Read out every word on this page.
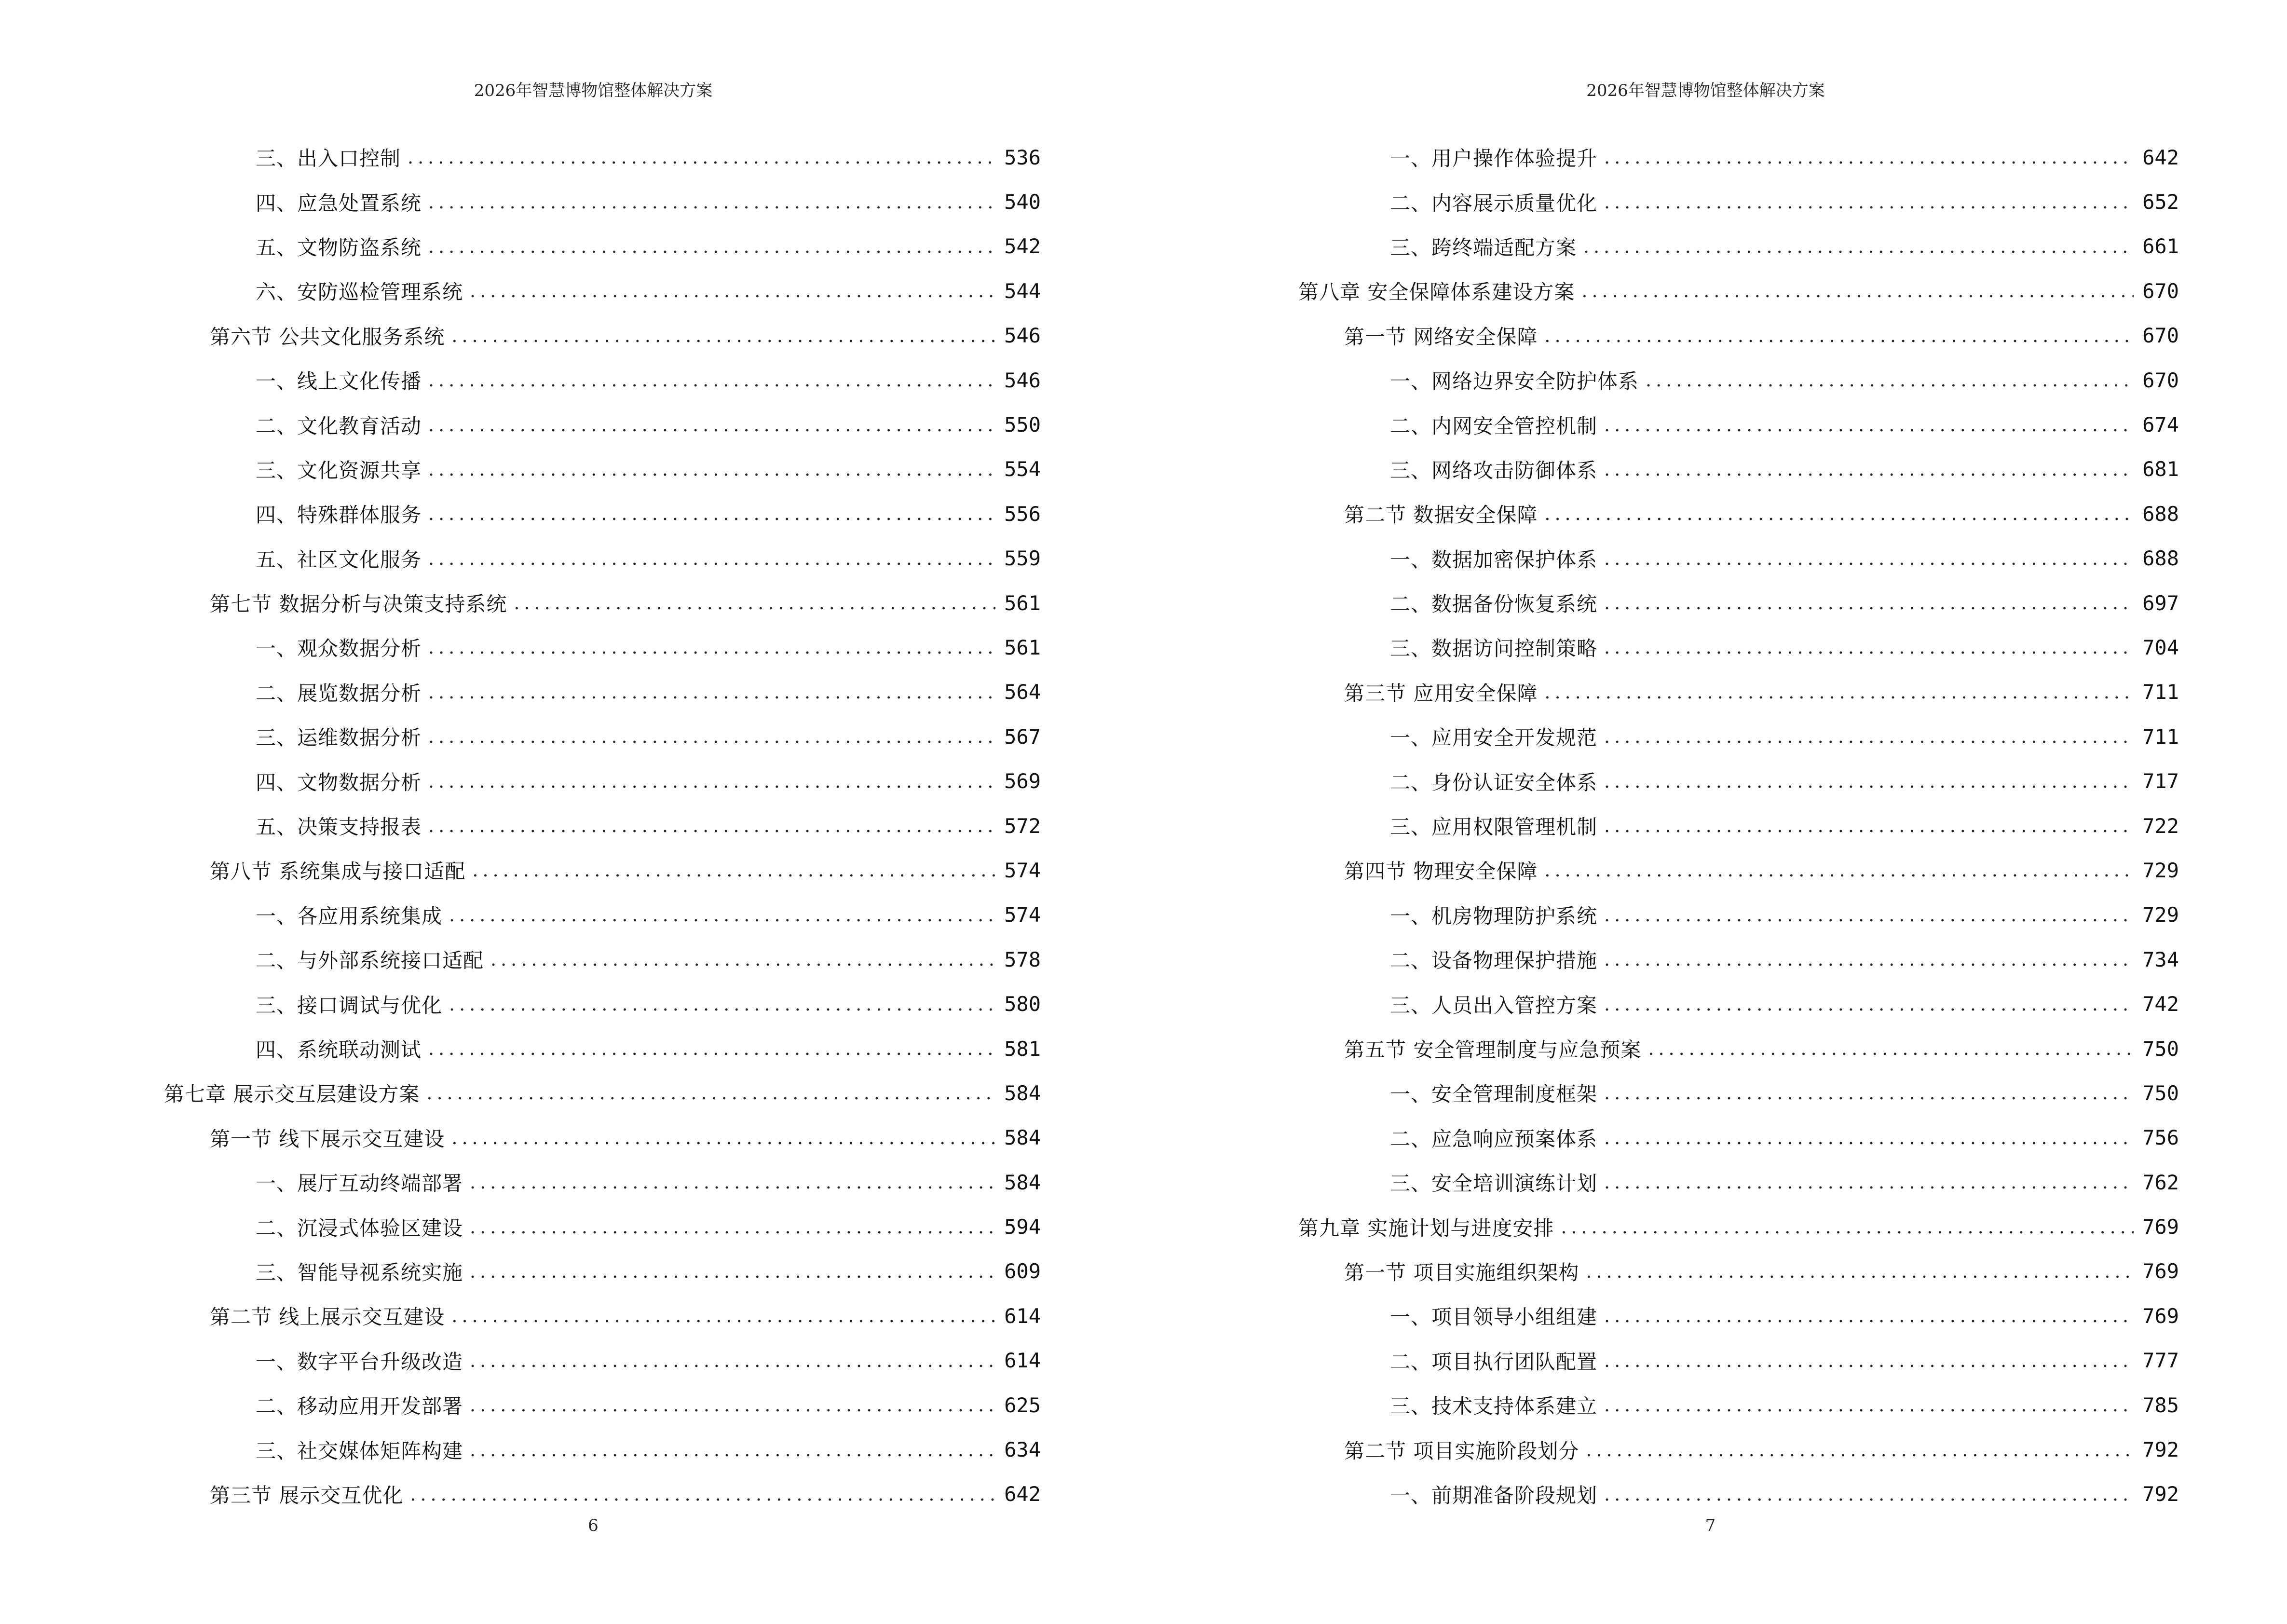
2026年智慧博物馆整体解决方案
三、出入口控制 .....	536
四、应急处置系统 .....	540
五、文物防盗系统 .....	542
六、安防巡检管理系统 .....	544
第六节 公共文化服务系统 .....	546
一、线上文化传播 .....	546
二、文化教育活动 .....	550
三、文化资源共享 .....	554
四、特殊群体服务 .....	556
五、社区文化服务 .....	559
第七节 数据分析与决策支持系统 .....	561
一、观众数据分析 .....	561
二、展览数据分析 .....	564
三、运维数据分析 .....	567
四、文物数据分析 .....	569
五、决策支持报表 .....	572
第八节 系统集成与接口适配 .....	574
一、各应用系统集成 .....	574
二、与外部系统接口适配 .....	578
三、接口调试与优化 .....	580
四、系统联动测试 .....	581
第七章 展示交互层建设方案 .....	584
第一节 线下展示交互建设 .....	584
一、展厅互动终端部署 .....	584
二、沉浸式体验区建设 .....	594
三、智能导视系统实施 .....	609
第二节 线上展示交互建设 .....	614
一、数字平台升级改造 .....	614
二、移动应用开发部署 .....	625
三、社交媒体矩阵构建 .....	634
第三节 展示交互优化 .....	642
6
2026年智慧博物馆整体解决方案
一、用户操作体验提升 .....	642
二、内容展示质量优化 .....	652
三、跨终端适配方案 .....	661
第八章 安全保障体系建设方案 .....	670
第一节 网络安全保障 .....	670
一、网络边界安全防护体系 .....	670
二、内网安全管控机制 .....	674
三、网络攻击防御体系 .....	681
第二节 数据安全保障 .....	688
一、数据加密保护体系 .....	688
二、数据备份恢复系统 .....	697
三、数据访问控制策略 .....	704
第三节 应用安全保障 .....	711
一、应用安全开发规范 .....	711
二、身份认证安全体系 .....	717
三、应用权限管理机制 .....	722
第四节 物理安全保障 .....	729
一、机房物理防护系统 .....	729
二、设备物理保护措施 .....	734
三、人员出入管控方案 .....	742
第五节 安全管理制度与应急预案 .....	750
一、安全管理制度框架 .....	750
二、应急响应预案体系 .....	756
三、安全培训演练计划 .....	762
第九章 实施计划与进度安排 .....	769
第一节 项目实施组织架构 .....	769
一、项目领导小组组建 .....	769
二、项目执行团队配置 .....	777
三、技术支持体系建立 .....	785
第二节 项目实施阶段划分 .....	792
一、前期准备阶段规划 .....	792
7
